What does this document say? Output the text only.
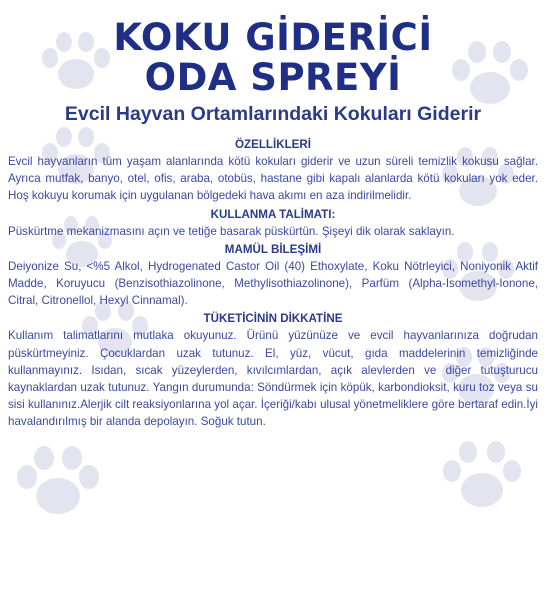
KOKU GİDERİCİ
ODA SPREYİ
Evcil Hayvan Ortamlarındaki Kokuları Giderir
ÖZELLİKLERİ

Evcil hayvanların tüm yaşam alanlarında kötü kokuları giderir ve uzun süreli temizlik kokusu sağlar. Ayrıca mutfak, banyo, otel, ofis, araba, otobüs, hastane gibi kapalı alanlarda kötü kokuları yok eder. Hoş kokuyu korumak için uygulanan bölgedeki hava akımı en aza indirilmelidir.

KULLANMA TALİMATI:

Püskürtme mekanizmasını açın ve tetiğe basarak püskürtün. Şişeyi dik olarak saklayın.

MAMÜL BİLEŞİMİ

Deiyonize Su, <%5 Alkol, Hydrogenated Castor Oil (40) Ethoxylate, Koku Nötrleyici, Noniyonik Aktif Madde, Koruyucu (Benzisothiazolinone, Methylisothiazolinone), Parfüm (Alpha-Isomethyl-Ionone, Citral, Citronellol, Hexyl Cinnamal).

TÜKETİCİNİN DİKKATİNE

Kullanım talimatlarını mutlaka okuyunuz. Ürünü yüzünüze ve evcil hayvanlarınıza doğrudan püskürtmeyiniz. Çocuklardan uzak tutunuz. El, yüz, vücut, gıda maddelerinin temizliğinde kullanmayınız. Isıdan, sıcak yüzeylerden, kıvılcımlardan, açık alevlerden ve diğer tutuşturucu kaynaklardan uzak tutunuz. Yangın durumunda: Söndürmek için köpük, karbondioksit, kuru toz veya su sisi kullanınız.Alerjik cilt reaksiyonlarına yol açar. İçeriği/kabı ulusal yönetmeliklere göre bertaraf edin.İyi havalandırılmış bir alanda depolayın. Soğuk tutun.
